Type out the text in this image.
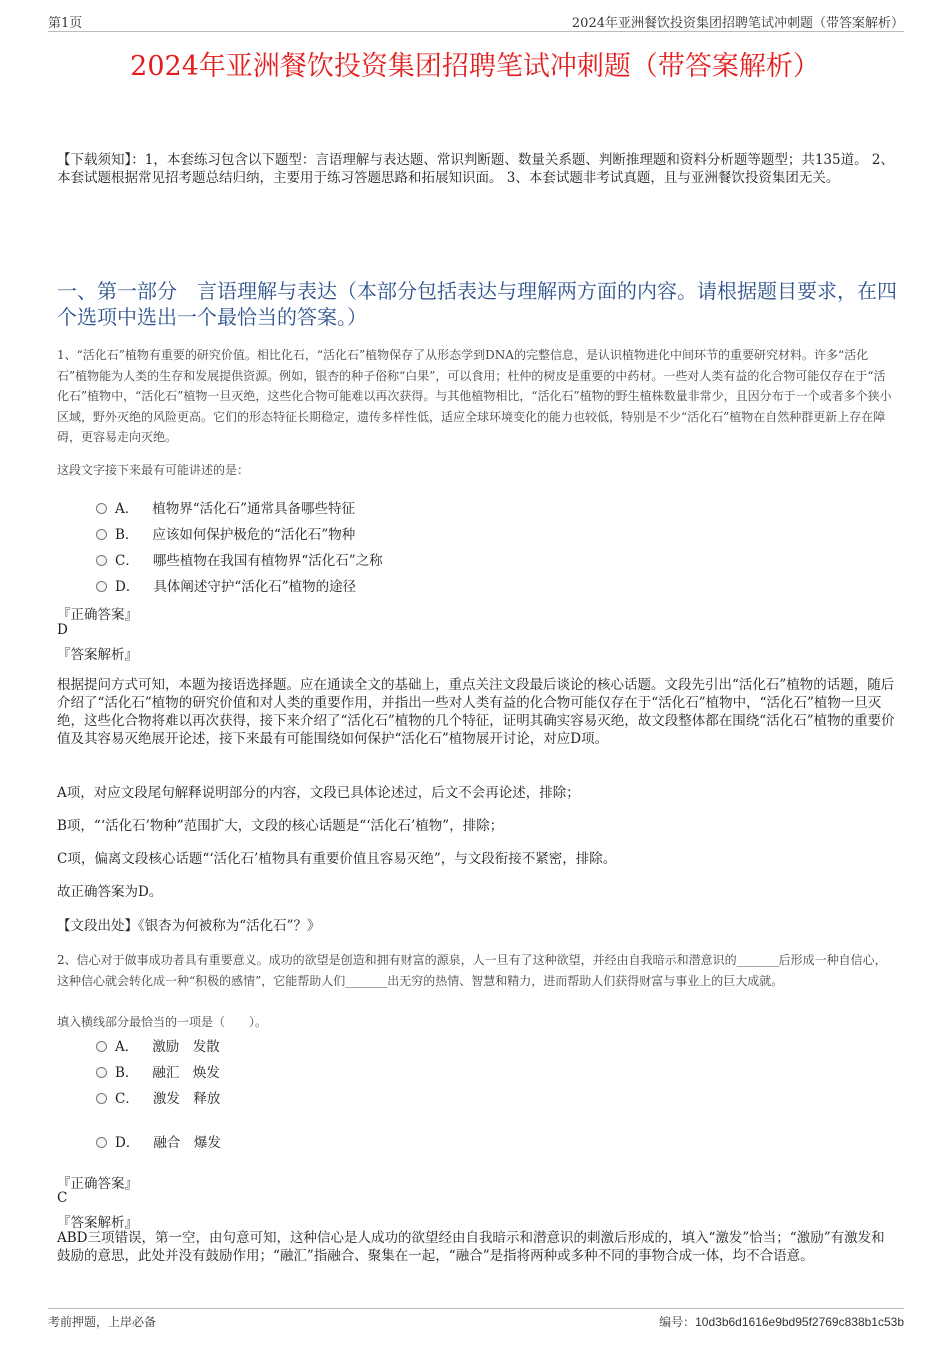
第1页	2024年亚洲餐饮投资集团招聘笔试冲刺题（带答案解析）
2024年亚洲餐饮投资集团招聘笔试冲刺题（带答案解析）
【下载须知】：1，本套练习包含以下题型：言语理解与表达题、常识判断题、数量关系题、判断推理题和资料分析题等题型；共135道。 2、本套试题根据常见招考题总结归纳，主要用于练习答题思路和拓展知识面。 3、本套试题非考试真题，且与亚洲餐饮投资集团无关。
一、第一部分　言语理解与表达（本部分包括表达与理解两方面的内容。请根据题目要求，在四个选项中选出一个最恰当的答案。）
1、“活化石”植物有重要的研究价值。相比化石，“活化石”植物保存了从形态学到DNA的完整信息，是认识植物进化中间环节的重要研究材料。许多“活化石”植物能为人类的生存和发展提供资源。例如，银杏的种子俗称“白果”，可以食用；杜仲的树皮是重要的中药材。一些对人类有益的化合物可能仅存在于“活化石”植物中，“活化石”植物一旦灭绝，这些化合物可能难以再次获得。与其他植物相比，“活化石”植物的野生植株数量非常少，且因分布于一个或者多个狭小区域，野外灭绝的风险更高。它们的形态特征长期稳定，遗传多样性低，适应全球环境变化的能力也较低，特别是不少“活化石”植物在自然种群更新上存在障碍，更容易走向灭绝。
这段文字接下来最有可能讲述的是：
A． 植物界“活化石”通常具备哪些特征
B． 应该如何保护极危的“活化石”物种
C． 哪些植物在我国有植物界“活化石”之称
D． 具体阐述守护“活化石”植物的途径
『正确答案』
D
『答案解析』
根据提问方式可知，本题为接语选择题。应在通读全文的基础上，重点关注文段最后谈论的核心话题。文段先引出“活化石”植物的话题，随后介绍了“活化石”植物的研究价值和对人类的重要作用，并指出一些对人类有益的化合物可能仅存在于“活化石”植物中，“活化石”植物一旦灭绝，这些化合物将难以再次获得，接下来介绍了“活化石”植物的几个特征，证明其确实容易灭绝，故文段整体都在围绕“活化石”植物的重要价值及其容易灭绝展开论述，接下来最有可能围绕如何保护“活化石”植物展开讨论，对应D项。
A项，对应文段尾句解释说明部分的内容，文段已具体论述过，后文不会再论述，排除；
B项，“‘活化石’物种”范围扩大，文段的核心话题是“‘活化石’植物”，排除；
C项，偏离文段核心话题“‘活化石’植物具有重要价值且容易灭绝”，与文段衔接不紧密，排除。
故正确答案为D。
【文段出处】《银杏为何被称为“活化石”？》
2、信心对于做事成功者具有重要意义。成功的欲望是创造和拥有财富的源泉，人一旦有了这种欲望，并经由自我暗示和潜意识的_______后形成一种自信心，这种信心就会转化成一种“积极的感情”，它能帮助人们_______出无穷的热情、智慧和精力，进而帮助人们获得财富与事业上的巨大成就。
填入横线部分最恰当的一项是（　　）。
A． 激励　发散
B． 融汇　焕发
C． 激发　释放
D． 融合　爆发
『正确答案』
C
『答案解析』
ABD三项错误，第一空，由句意可知，这种信心是人成功的欲望经由自我暗示和潜意识的刺激后形成的，填入“激发”恰当；“激励”有激发和鼓励的意思，此处并没有鼓励作用；“融汇”指融合、聚集在一起，“融合”是指将两种或多种不同的事物合成一体，均不合语意。
考前押题，上岸必备	编号：10d3b6d1616e9bd95f2769c838b1c53b
